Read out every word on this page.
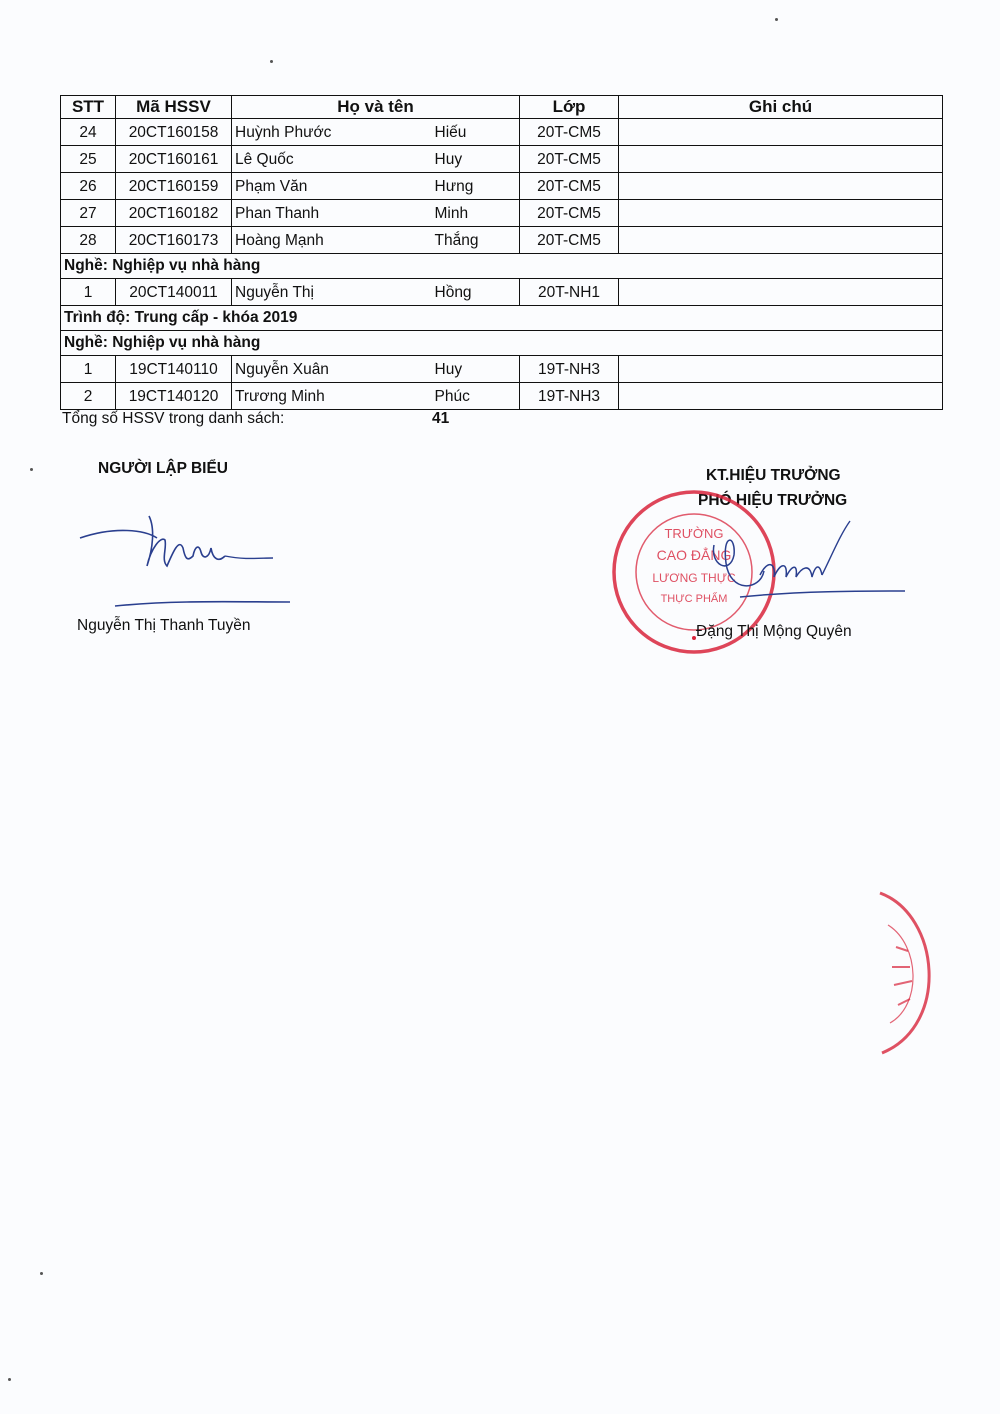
STT	Mã HSSV	Họ và tên		Lớp	Ghi chú
24	20CT160158	Huỳnh Phước	Hiếu	20T-CM5	
25	20CT160161	Lê Quốc	Huy	20T-CM5	
26	20CT160159	Phạm Văn	Hưng	20T-CM5	
27	20CT160182	Phan Thanh	Minh	20T-CM5	
28	20CT160173	Hoàng Mạnh	Thắng	20T-CM5	
Nghề: Nghiệp vụ nhà hàng					
1	20CT140011	Nguyễn Thị	Hồng	20T-NH1	
Trình độ: Trung cấp - khóa 2019					
Nghề: Nghiệp vụ nhà hàng					
1	19CT140110	Nguyễn Xuân	Huy	19T-NH3	
2	19CT140120	Trương Minh	Phúc	19T-NH3	
Tổng số HSSV trong danh sách:	41
NGƯỜI LẬP BIỂU
Nguyễn Thị Thanh Tuyền
KT.HIỆU TRƯỞNG
PHÓ HIỆU TRƯỞNG
TRƯỜNG
CAO ĐẲNG
LƯƠNG THỰC
THỰC PHẨM
Đặng Thị Mộng Quyên
